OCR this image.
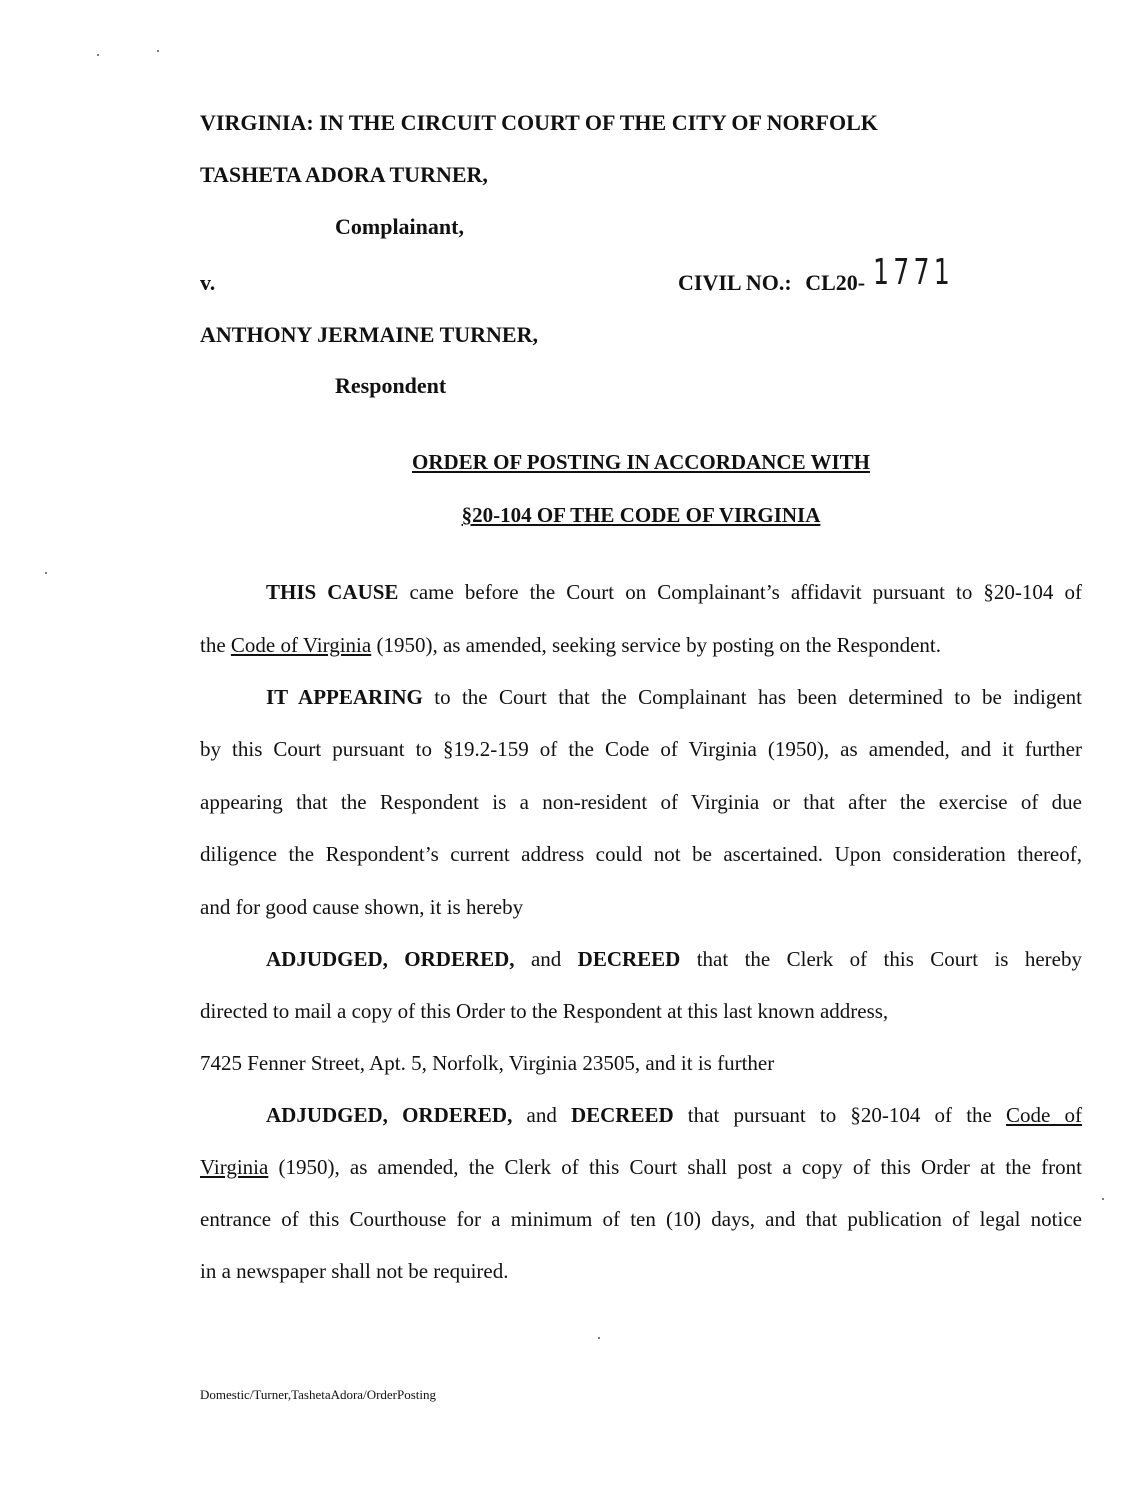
VIRGINIA: IN THE CIRCUIT COURT OF THE CITY OF NORFOLK
TASHETA ADORA TURNER,
Complainant,
v.	CIVIL NO.: CL20- 1771
ANTHONY JERMAINE TURNER,
Respondent
ORDER OF POSTING IN ACCORDANCE WITH
§20-104 OF THE CODE OF VIRGINIA
THIS CAUSE came before the Court on Complainant’s affidavit pursuant to §20-104 of
the Code of Virginia (1950), as amended, seeking service by posting on the Respondent.
IT APPEARING to the Court that the Complainant has been determined to be indigent
by this Court pursuant to §19.2-159 of the Code of Virginia (1950), as amended, and it further
appearing that the Respondent is a non-resident of Virginia or that after the exercise of due
diligence the Respondent’s current address could not be ascertained. Upon consideration thereof,
and for good cause shown, it is hereby
ADJUDGED, ORDERED, and DECREED that the Clerk of this Court is hereby
directed to mail a copy of this Order to the Respondent at this last known address,
7425 Fenner Street, Apt. 5, Norfolk, Virginia 23505, and it is further
ADJUDGED, ORDERED, and DECREED that pursuant to §20-104 of the Code of
Virginia (1950), as amended, the Clerk of this Court shall post a copy of this Order at the front
entrance of this Courthouse for a minimum of ten (10) days, and that publication of legal notice
in a newspaper shall not be required.
Domestic/Turner,TashetaAdora/OrderPosting
